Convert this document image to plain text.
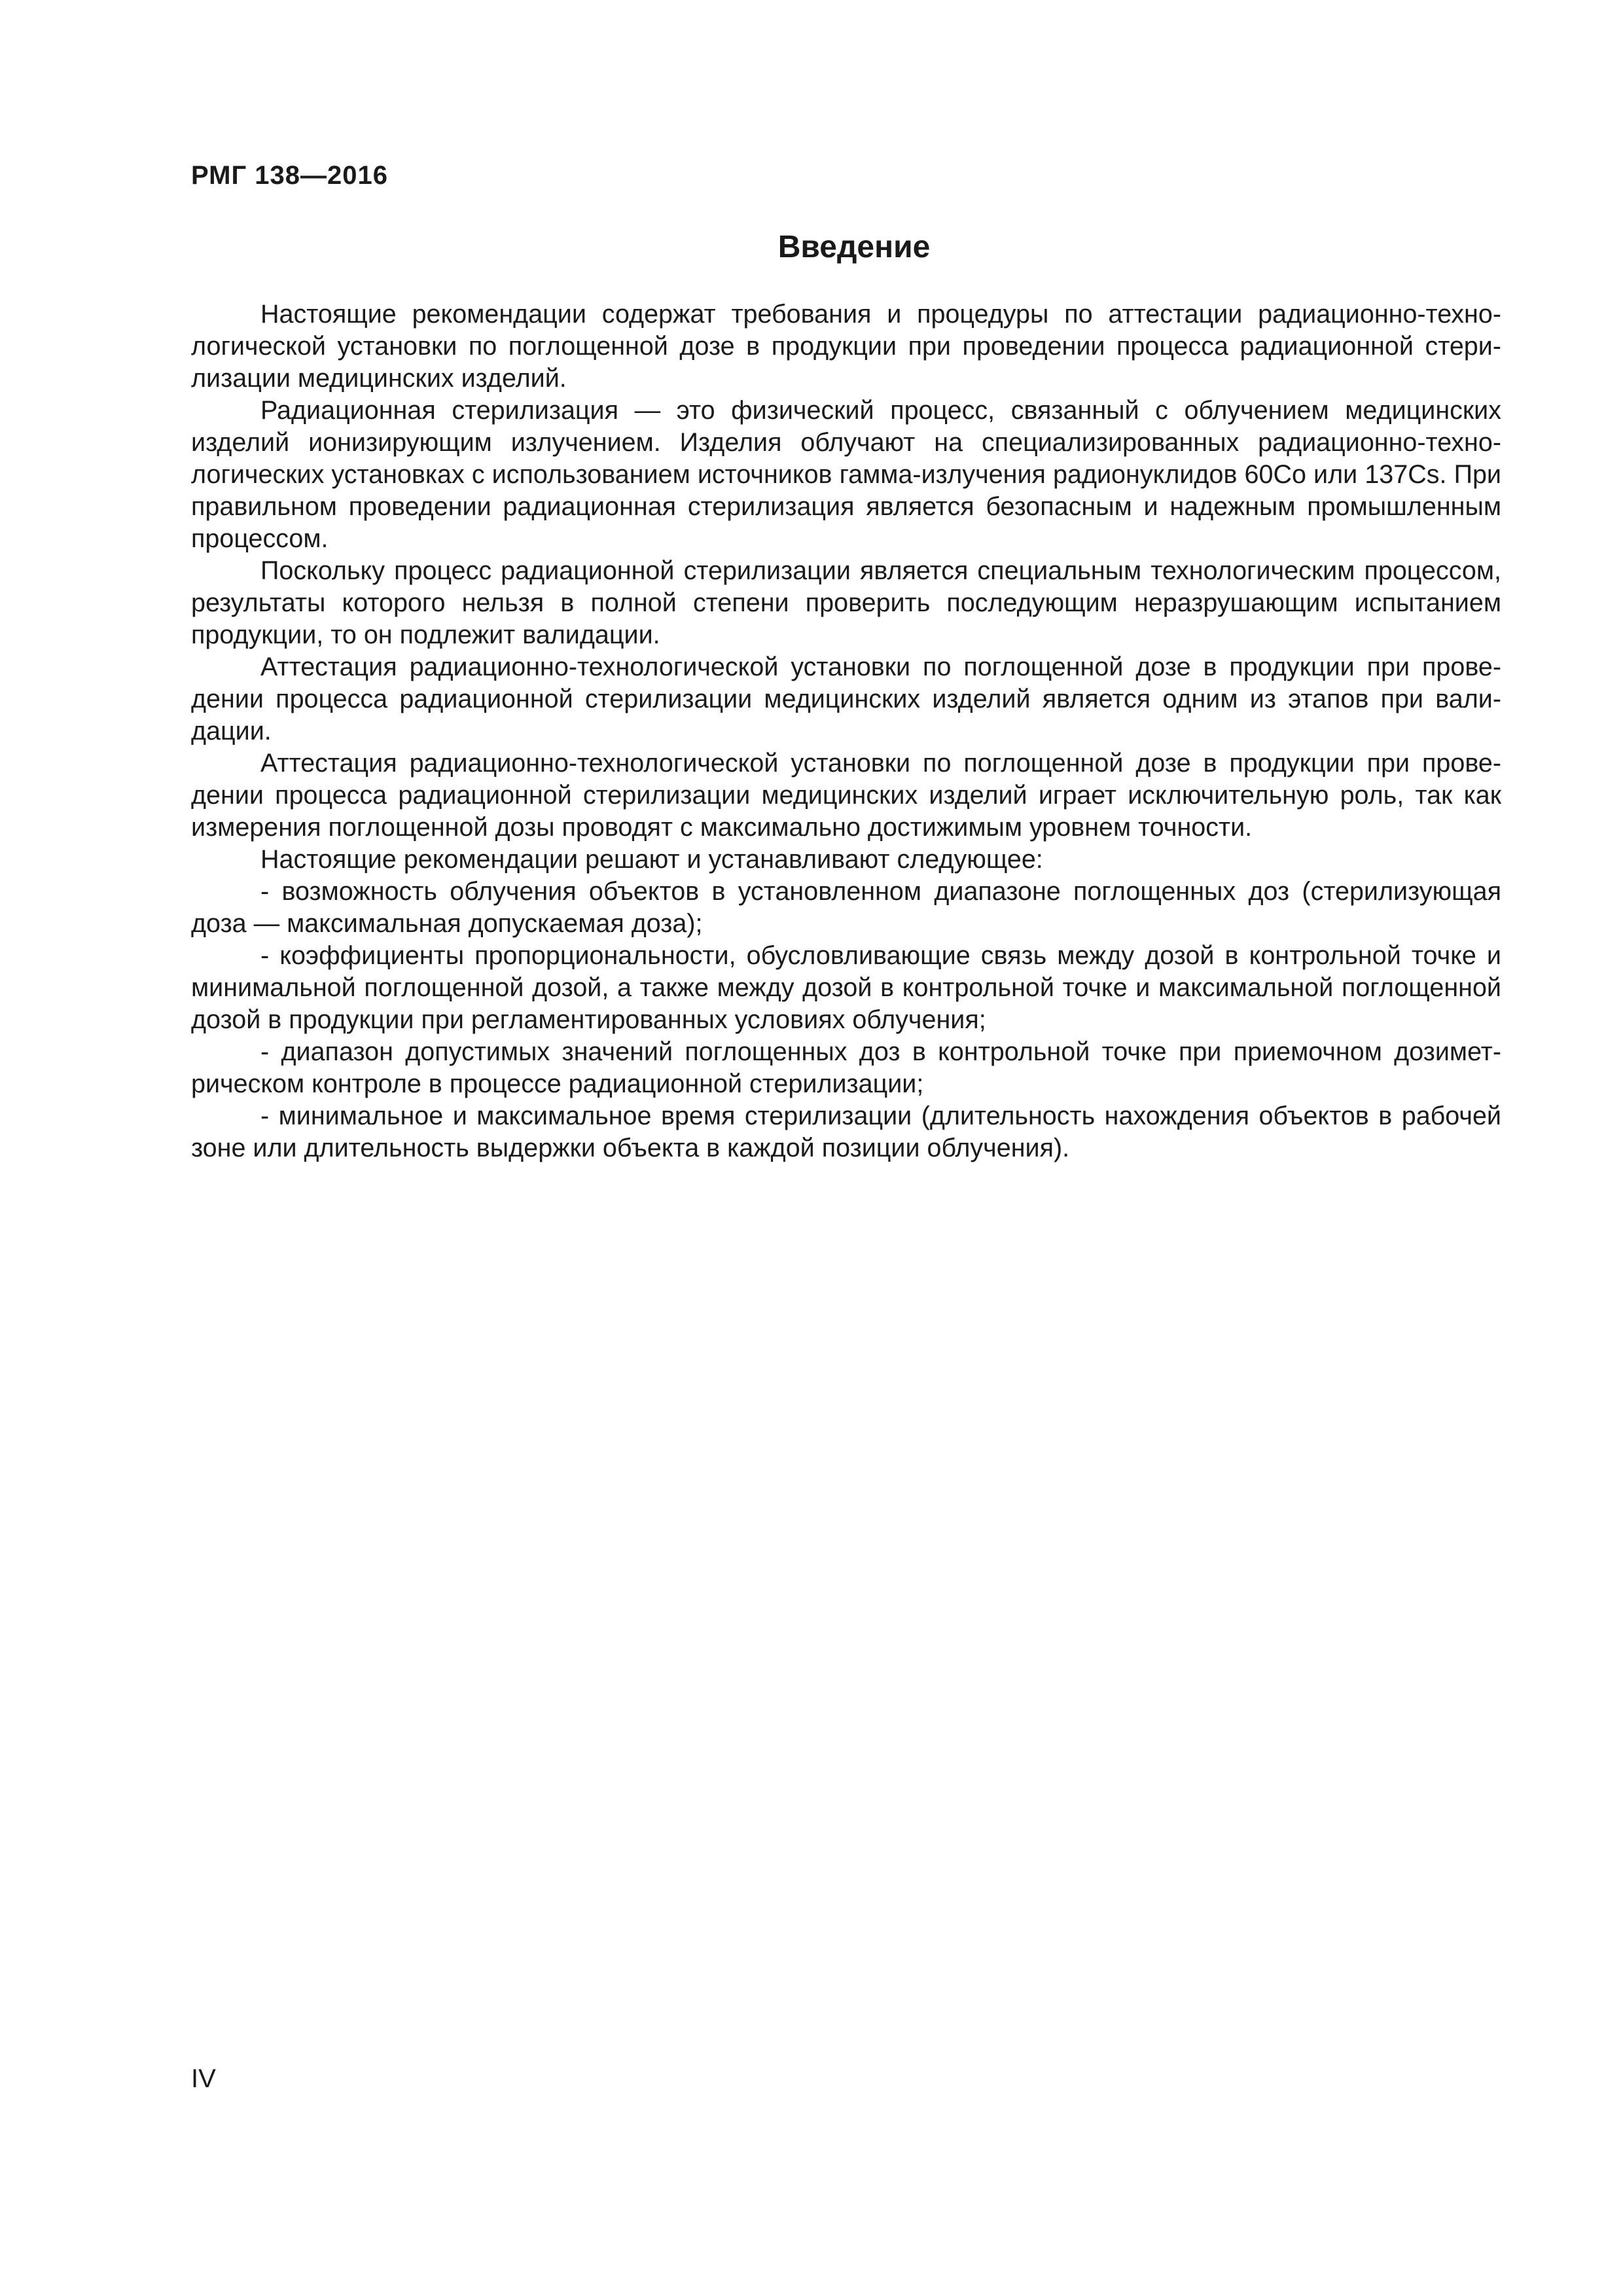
РМГ 138—2016
Введение

Настоящие рекомендации содержат требования и процедуры по аттестации радиационно-технологической установки по поглощенной дозе в продукции при проведении процесса радиационной стерилизации медицинских изделий.

Радиационная стерилизация — это физический процесс, связанный с облучением медицинских изделий ионизирующим излучением. Изделия облучают на специализированных радиационно-технологических установках с использованием источников гамма-излучения радионуклидов 60Co или 137Cs. При правильном проведении радиационная стерилизация является безопасным и надежным промышленным процессом.

Поскольку процесс радиационной стерилизации является специальным технологическим процессом, результаты которого нельзя в полной степени проверить последующим неразрушающим испытанием продукции, то он подлежит валидации.

Аттестация радиационно-технологической установки по поглощенной дозе в продукции при проведении процесса радиационной стерилизации медицинских изделий является одним из этапов при валидации.

Аттестация радиационно-технологической установки по поглощенной дозе в продукции при проведении процесса радиационной стерилизации медицинских изделий играет исключительную роль, так как измерения поглощенной дозы проводят с максимально достижимым уровнем точности.

Настоящие рекомендации решают и устанавливают следующее:

- возможность облучения объектов в установленном диапазоне поглощенных доз (стерилизующая доза — максимальная допускаемая доза);

- коэффициенты пропорциональности, обусловливающие связь между дозой в контрольной точке и минимальной поглощенной дозой, а также между дозой в контрольной точке и максимальной поглощенной дозой в продукции при регламентированных условиях облучения;

- диапазон допустимых значений поглощенных доз в контрольной точке при приемочном дозиметрическом контроле в процессе радиационной стерилизации;

- минимальное и максимальное время стерилизации (длительность нахождения объектов в рабочей зоне или длительность выдержки объекта в каждой позиции облучения).

IV
